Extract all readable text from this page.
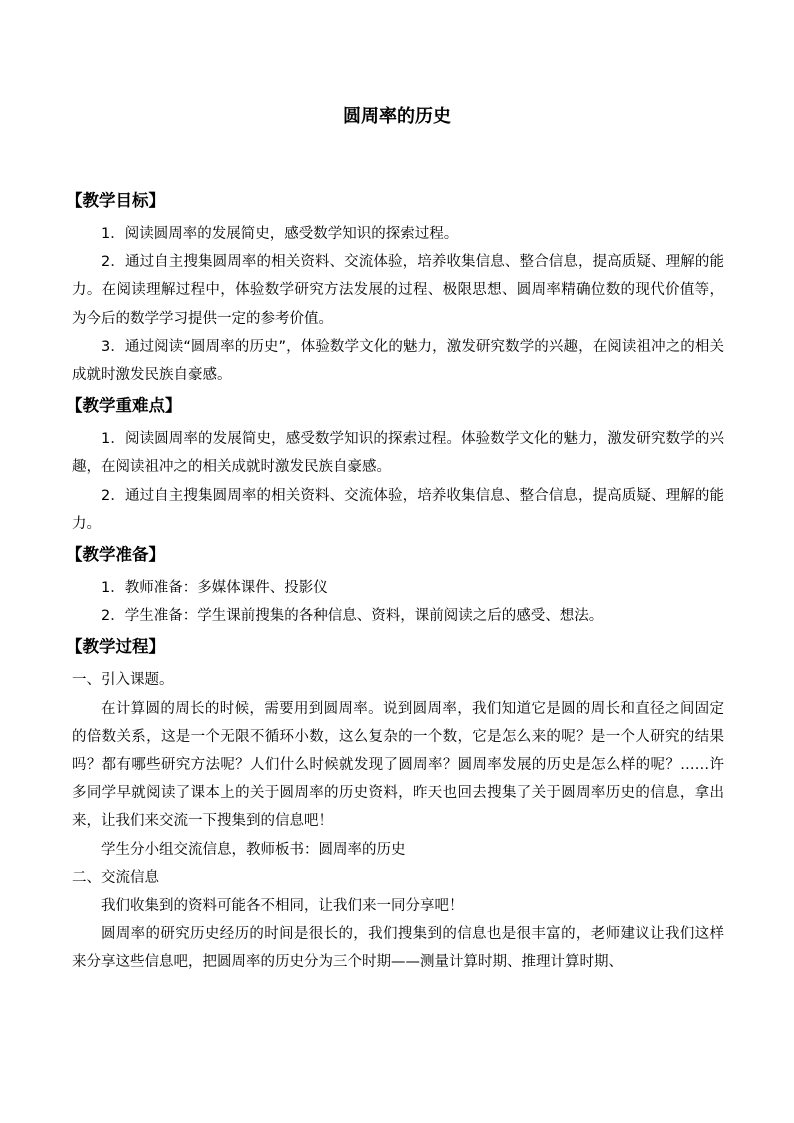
圆周率的历史
【教学目标】

1．阅读圆周率的发展简史，感受数学知识的探索过程。

2．通过自主搜集圆周率的相关资料、交流体验，培养收集信息、整合信息，提高质疑、理解的能力。在阅读理解过程中，体验数学研究方法发展的过程、极限思想、圆周率精确位数的现代价值等，为今后的数学学习提供一定的参考价值。

3．通过阅读“圆周率的历史”，体验数学文化的魅力，激发研究数学的兴趣，在阅读祖冲之的相关成就时激发民族自豪感。

【教学重难点】

1．阅读圆周率的发展简史，感受数学知识的探索过程。体验数学文化的魅力，激发研究数学的兴趣，在阅读祖冲之的相关成就时激发民族自豪感。

2．通过自主搜集圆周率的相关资料、交流体验，培养收集信息、整合信息，提高质疑、理解的能力。

【教学准备】

1．教师准备：多媒体课件、投影仪

2．学生准备：学生课前搜集的各种信息、资料，课前阅读之后的感受、想法。

【教学过程】

一、引入课题。

在计算圆的周长的时候，需要用到圆周率。说到圆周率，我们知道它是圆的周长和直径之间固定的倍数关系，这是一个无限不循环小数，这么复杂的一个数，它是怎么来的呢？是一个人研究的结果吗？都有哪些研究方法呢？人们什么时候就发现了圆周率？圆周率发展的历史是怎么样的呢？……许多同学早就阅读了课本上的关于圆周率的历史资料，昨天也回去搜集了关于圆周率历史的信息，拿出来，让我们来交流一下搜集到的信息吧！

学生分小组交流信息，教师板书：圆周率的历史

二、交流信息

我们收集到的资料可能各不相同，让我们来一同分享吧！

圆周率的研究历史经历的时间是很长的，我们搜集到的信息也是很丰富的，老师建议让我们这样来分享这些信息吧，把圆周率的历史分为三个时期——测量计算时期、推理计算时期、
